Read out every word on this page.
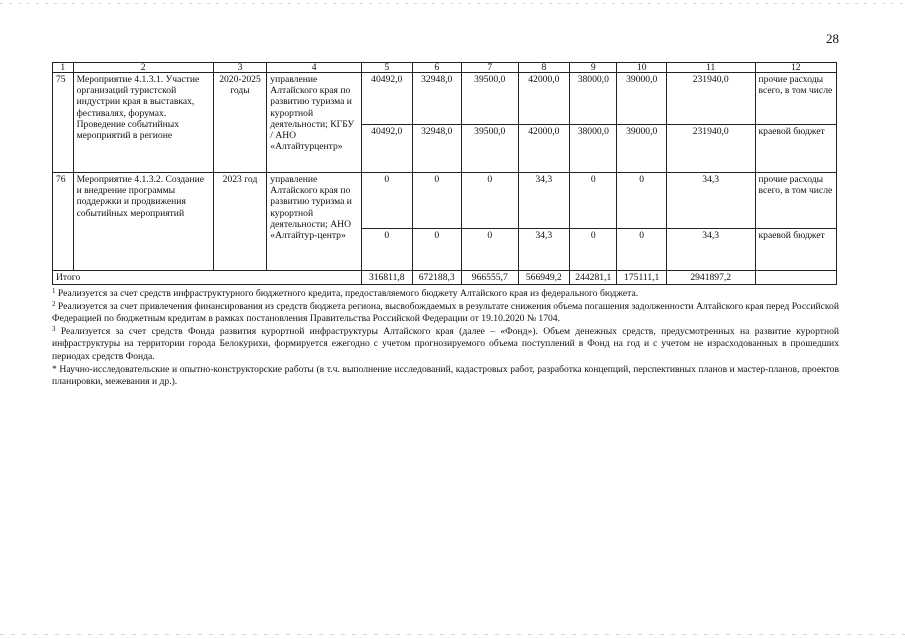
28
1	2	3	4	5	6	7	8	9	10	11	12
75	Мероприятие 4.1.3.1. Участие организаций туристской индустрии края в выставках, фестивалях, форумах. Проведение событийных мероприятий в регионе	2020-2025 годы	управление Алтайского края по развитию туризма и курортной деятельности; КГБУ / АНО «Алтайтурцентр»	40492,0	32948,0	39500,0	42000,0	38000,0	39000,0	231940,0	прочие расходы всего, в том числе
				40492,0	32948,0	39500,0	42000,0	38000,0	39000,0	231940,0	краевой бюджет
76	Мероприятие 4.1.3.2. Создание и внедрение программы поддержки и продвижения событийных мероприятий	2023 год	управление Алтайского края по развитию туризма и курортной деятельности; АНО «Алтайтур-центр»	0	0	0	34,3	0	0	34,3	прочие расходы всего, в том числе
				0	0	0	34,3	0	0	34,3	краевой бюджет
Итого				316811,8	672188,3	966555,7	566949,2	244281,1	175111,1	2941897,2	

$^1$ Реализуется за счет средств инфраструктурного бюджетного кредита, предоставляемого бюджету Алтайского края из федерального бюджета.

$^2$ Реализуется за счет привлечения финансирования из средств бюджета региона, высвобождаемых в результате снижения объема погашения задолженности Алтайского края перед Российской Федерацией по бюджетным кредитам в рамках постановления Правительства Российской Федерации от 19.10.2020 № 1704.

$^3$ Реализуется за счет средств Фонда развития курортной инфраструктуры Алтайского края (далее – «Фонд»). Объем денежных средств, предусмотренных на развитие курортной инфраструктуры на территории города Белокурихи, формируется ежегодно с учетом прогнозируемого объема поступлений в Фонд на год и с учетом не израсходованных в прошедших периодах средств Фонда.

* Научно-исследовательские и опытно-конструкторские работы (в т.ч. выполнение исследований, кадастровых работ, разработка концепций, перспективных планов и мастер-планов, проектов планировки, межевания и др.).
